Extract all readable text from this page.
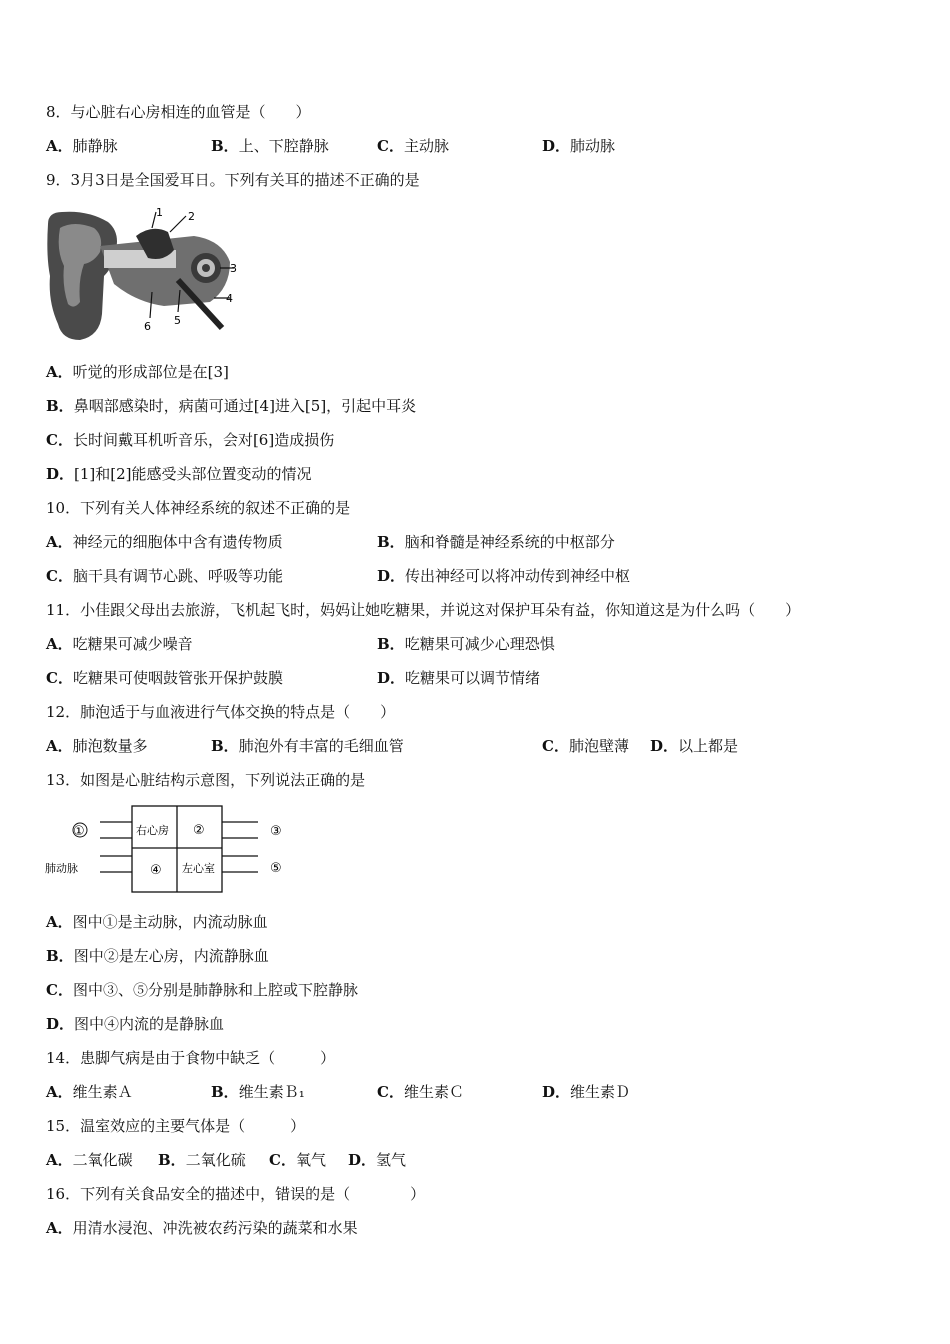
8．与心脏右心房相连的血管是（　　）
A．肺静脉	B．上、下腔静脉	C．主动脉	D．肺动脉
9．3月3日是全国爱耳日。下列有关耳的描述不正确的是
1 2
3
4
5
6
A．听觉的形成部位是在[3]
B．鼻咽部感染时，病菌可通过[4]进入[5]，引起中耳炎
C．长时间戴耳机听音乐，会对[6]造成损伤
D．[1]和[2]能感受头部位置变动的情况
10．下列有关人体神经系统的叙述不正确的是
A．神经元的细胞体中含有遗传物质	B．脑和脊髓是神经系统的中枢部分
C．脑干具有调节心跳、呼吸等功能	D．传出神经可以将冲动传到神经中枢
11．小佳跟父母出去旅游，飞机起飞时，妈妈让她吃糖果，并说这对保护耳朵有益，你知道这是为什么吗（　　）
A．吃糖果可减少噪音	B．吃糖果可减少心理恐惧
C．吃糖果可使咽鼓管张开保护鼓膜	D．吃糖果可以调节情绪
12．肺泡适于与血液进行气体交换的特点是（　　）
A．肺泡数量多	B．肺泡外有丰富的毛细血管	C．肺泡壁薄 D．以上都是
13．如图是心脏结构示意图，下列说法正确的是
①	右心房 ②	③
肺动脉	④ 左心室	⑤
A．图中①是主动脉，内流动脉血
B．图中②是左心房，内流静脉血
C．图中③、⑤分别是肺静脉和上腔或下腔静脉
D．图中④内流的是静脉血
14．患脚气病是由于食物中缺乏（　　　）
A．维生素Ａ	B．维生素Ｂ₁	C．维生素Ｃ	D．维生素Ｄ
15．温室效应的主要气体是（　　　）
A．二氧化碳 B．二氧化硫 C．氧气 D．氢气
16．下列有关食品安全的描述中，错误的是（　　　　）
A．用清水浸泡、冲洗被农药污染的蔬菜和水果
